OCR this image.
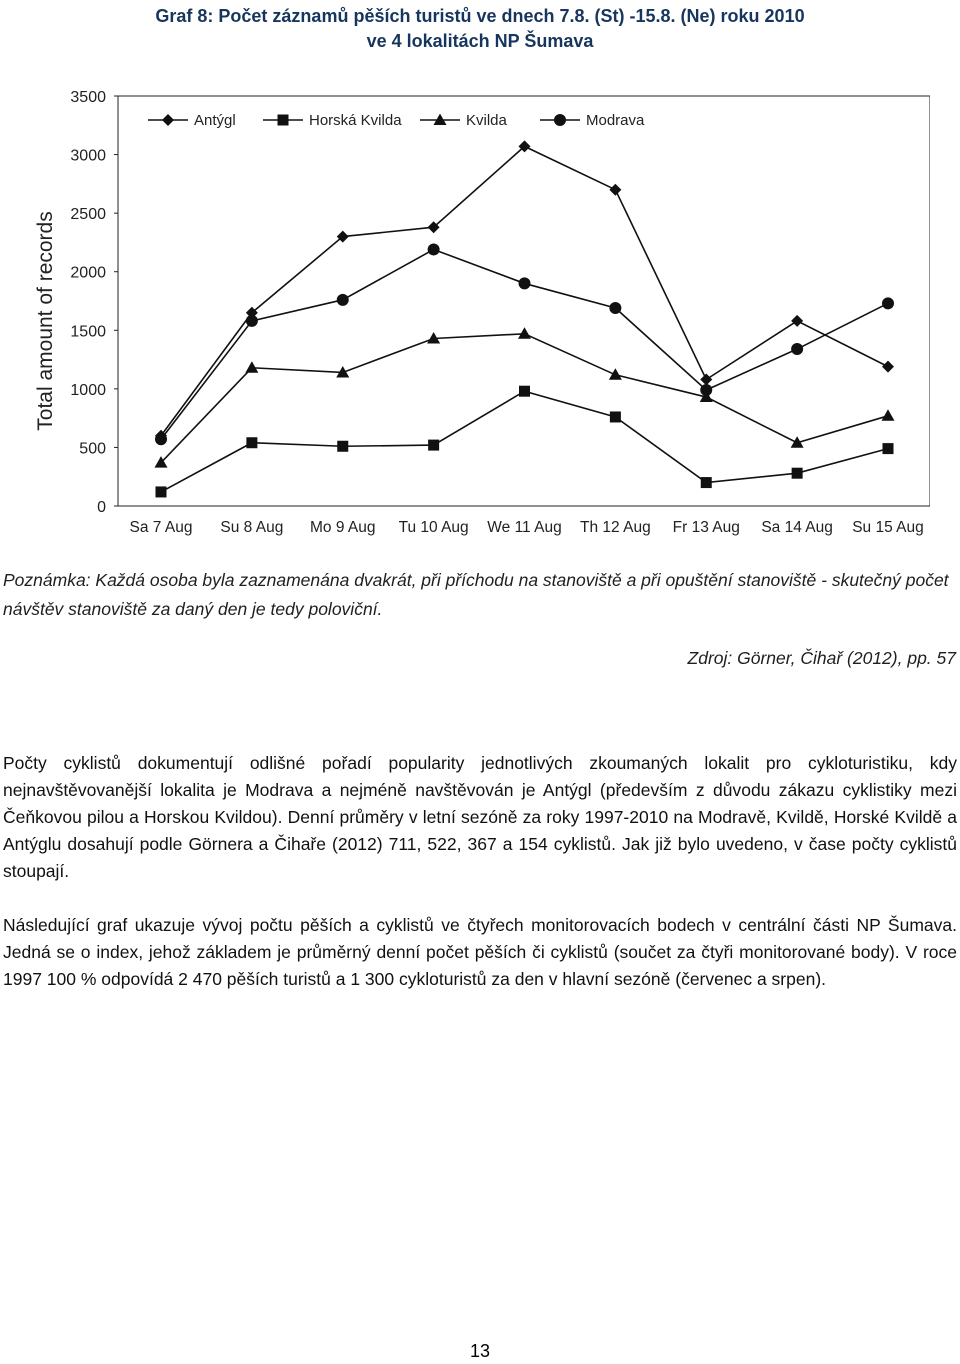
Graf 8: Počet záznamů pěších turistů ve dnech 7.8. (St) -15.8. (Ne) roku 2010
ve 4 lokalitách NP Šumava
0
500
1000
1500
2000
2500
3000
3500
Sa 7 Aug Su 8 Aug Mo 9 Aug Tu 10 Aug We 11 Aug Th 12 Aug Fr 13 Aug Sa 14 Aug Su 15 Aug
Total amount of records
Antýgl	Horská Kvilda	Kvilda	Modrava
Poznámka: Každá osoba byla zaznamenána dvakrát, při příchodu na stanoviště a při opuštění stanoviště - skutečný počet návštěv stanoviště za daný den je tedy poloviční.
Zdroj: Görner, Čihař (2012), pp. 57
Počty cyklistů dokumentují odlišné pořadí popularity jednotlivých zkoumaných lokalit pro cykloturistiku, kdy nejnavštěvovanější lokalita je Modrava a nejméně navštěvován je Antýgl (především z důvodu zákazu cyklistiky mezi Čeňkovou pilou a Horskou Kvildou). Denní průměry v letní sezóně za roky 1997-2010 na Modravě, Kvildě, Horské Kvildě a Antýglu dosahují podle Görnera a Čihaře (2012) 711, 522, 367 a 154 cyklistů. Jak již bylo uvedeno, v čase počty cyklistů stoupají.
Následující graf ukazuje vývoj počtu pěších a cyklistů ve čtyřech monitorovacích bodech v centrální části NP Šumava. Jedná se o index, jehož základem je průměrný denní počet pěších či cyklistů (součet za čtyři monitorované body). V roce 1997 100 % odpovídá 2 470 pěších turistů a 1 300 cykloturistů za den v hlavní sezóně (červenec a srpen).
13
